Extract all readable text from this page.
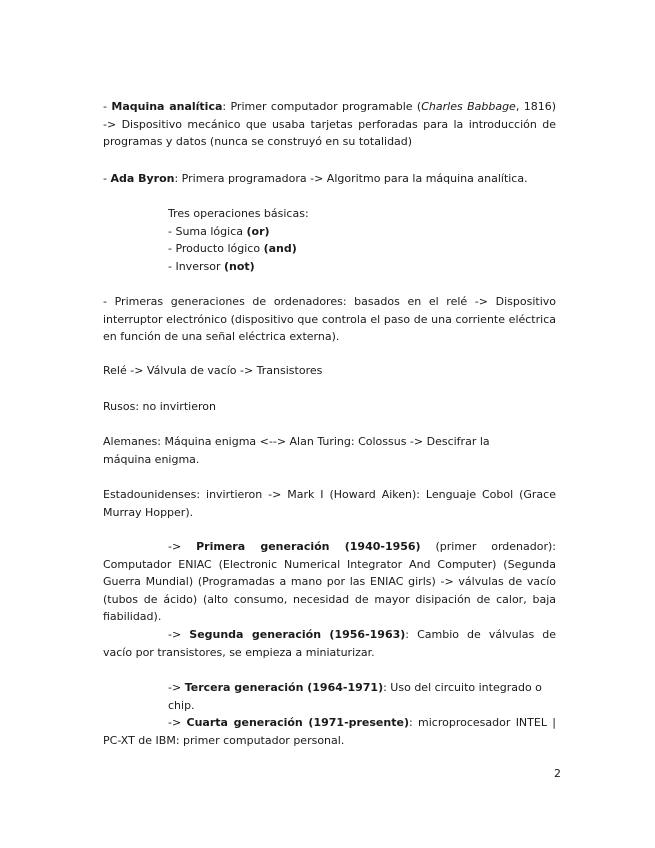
- Maquina analítica: Primer computador programable (Charles Babbage, 1816) -> Dispositivo mecánico que usaba tarjetas perforadas para la introducción de programas y datos (nunca se construyó en su totalidad)

- Ada Byron: Primera programadora -> Algoritmo para la máquina analítica.

Tres operaciones básicas:
- Suma lógica (or)
- Producto lógico (and)
- Inversor (not)

- Primeras generaciones de ordenadores: basados en el relé -> Dispositivo interruptor electrónico (dispositivo que controla el paso de una corriente eléctrica en función de una señal eléctrica externa).

Relé -> Válvula de vacío -> Transistores

Rusos: no invirtieron

Alemanes: Máquina enigma <--> Alan Turing: Colossus -> Descifrar la
máquina enigma.

Estadounidenses: invirtieron -> Mark I (Howard Aiken): Lenguaje Cobol (Grace Murray Hopper).

-> Primera generación (1940-1956) (primer ordenador): Computador ENIAC (Electronic Numerical Integrator And Computer) (Segunda Guerra Mundial) (Programadas a mano por las ENIAC girls) -> válvulas de vacío (tubos de ácido) (alto consumo, necesidad de mayor disipación de calor, baja fiabilidad).

-> Segunda generación (1956-1963): Cambio de válvulas de vacío por transistores, se empieza a miniaturizar.

-> Tercera generación (1964-1971): Uso del circuito integrado o chip.

-> Cuarta generación (1971-presente): microprocesador INTEL | PC-XT de IBM: primer computador personal.

2
